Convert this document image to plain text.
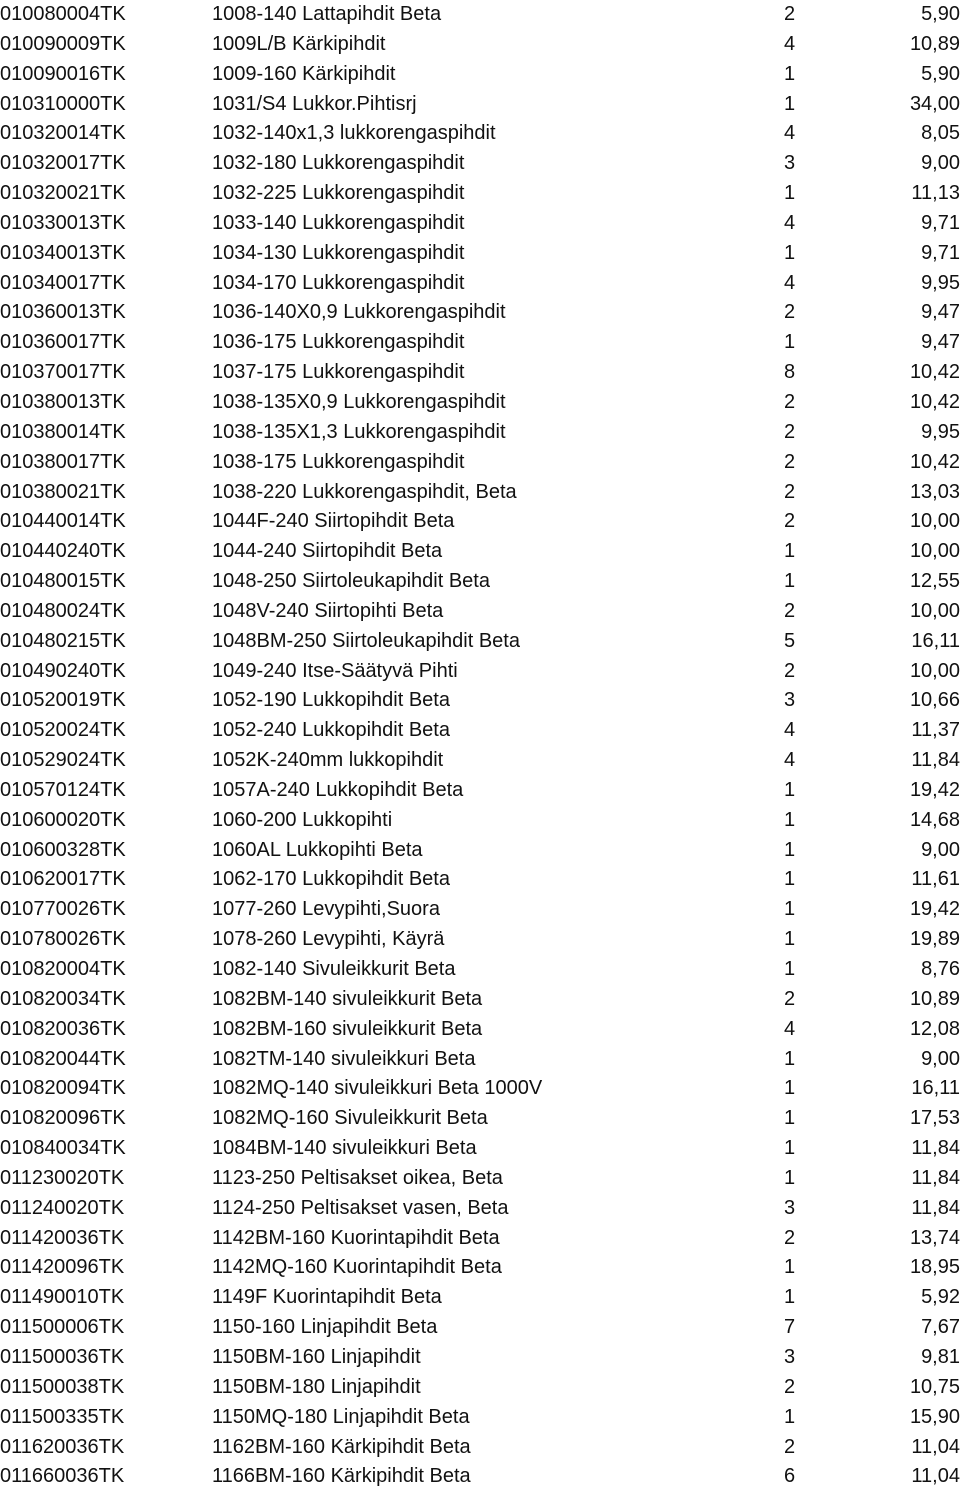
010080004TK	1008-140 Lattapihdit Beta	2	5,90
010090009TK	1009L/B Kärkipihdit	4	10,89
010090016TK	1009-160 Kärkipihdit	1	5,90
010310000TK	1031/S4 Lukkor.Pihtisrj	1	34,00
010320014TK	1032-140x1,3 lukkorengaspihdit	4	8,05
010320017TK	1032-180 Lukkorengaspihdit	3	9,00
010320021TK	1032-225 Lukkorengaspihdit	1	11,13
010330013TK	1033-140 Lukkorengaspihdit	4	9,71
010340013TK	1034-130 Lukkorengaspihdit	1	9,71
010340017TK	1034-170 Lukkorengaspihdit	4	9,95
010360013TK	1036-140X0,9 Lukkorengaspihdit	2	9,47
010360017TK	1036-175 Lukkorengaspihdit	1	9,47
010370017TK	1037-175 Lukkorengaspihdit	8	10,42
010380013TK	1038-135X0,9 Lukkorengaspihdit	2	10,42
010380014TK	1038-135X1,3 Lukkorengaspihdit	2	9,95
010380017TK	1038-175 Lukkorengaspihdit	2	10,42
010380021TK	1038-220 Lukkorengaspihdit, Beta	2	13,03
010440014TK	1044F-240 Siirtopihdit Beta	2	10,00
010440240TK	1044-240 Siirtopihdit Beta	1	10,00
010480015TK	1048-250 Siirtoleukapihdit Beta	1	12,55
010480024TK	1048V-240 Siirtopihti Beta	2	10,00
010480215TK	1048BM-250 Siirtoleukapihdit Beta	5	16,11
010490240TK	1049-240 Itse-Säätyvä Pihti	2	10,00
010520019TK	1052-190 Lukkopihdit Beta	3	10,66
010520024TK	1052-240 Lukkopihdit Beta	4	11,37
010529024TK	1052K-240mm lukkopihdit	4	11,84
010570124TK	1057A-240 Lukkopihdit Beta	1	19,42
010600020TK	1060-200 Lukkopihti	1	14,68
010600328TK	1060AL Lukkopihti Beta	1	9,00
010620017TK	1062-170 Lukkopihdit Beta	1	11,61
010770026TK	1077-260 Levypihti,Suora	1	19,42
010780026TK	1078-260 Levypihti, Käyrä	1	19,89
010820004TK	1082-140 Sivuleikkurit Beta	1	8,76
010820034TK	1082BM-140 sivuleikkurit Beta	2	10,89
010820036TK	1082BM-160 sivuleikkurit Beta	4	12,08
010820044TK	1082TM-140 sivuleikkuri Beta	1	9,00
010820094TK	1082MQ-140 sivuleikkuri Beta 1000V	1	16,11
010820096TK	1082MQ-160 Sivuleikkurit Beta	1	17,53
010840034TK	1084BM-140 sivuleikkuri Beta	1	11,84
011230020TK	1123-250 Peltisakset oikea, Beta	1	11,84
011240020TK	1124-250 Peltisakset vasen, Beta	3	11,84
011420036TK	1142BM-160 Kuorintapihdit Beta	2	13,74
011420096TK	1142MQ-160 Kuorintapihdit Beta	1	18,95
011490010TK	1149F Kuorintapihdit Beta	1	5,92
011500006TK	1150-160 Linjapihdit Beta	7	7,67
011500036TK	1150BM-160 Linjapihdit	3	9,81
011500038TK	1150BM-180 Linjapihdit	2	10,75
011500335TK	1150MQ-180 Linjapihdit Beta	1	15,90
011620036TK	1162BM-160 Kärkipihdit Beta	2	11,04
011660036TK	1166BM-160 Kärkipihdit Beta	6	11,04
